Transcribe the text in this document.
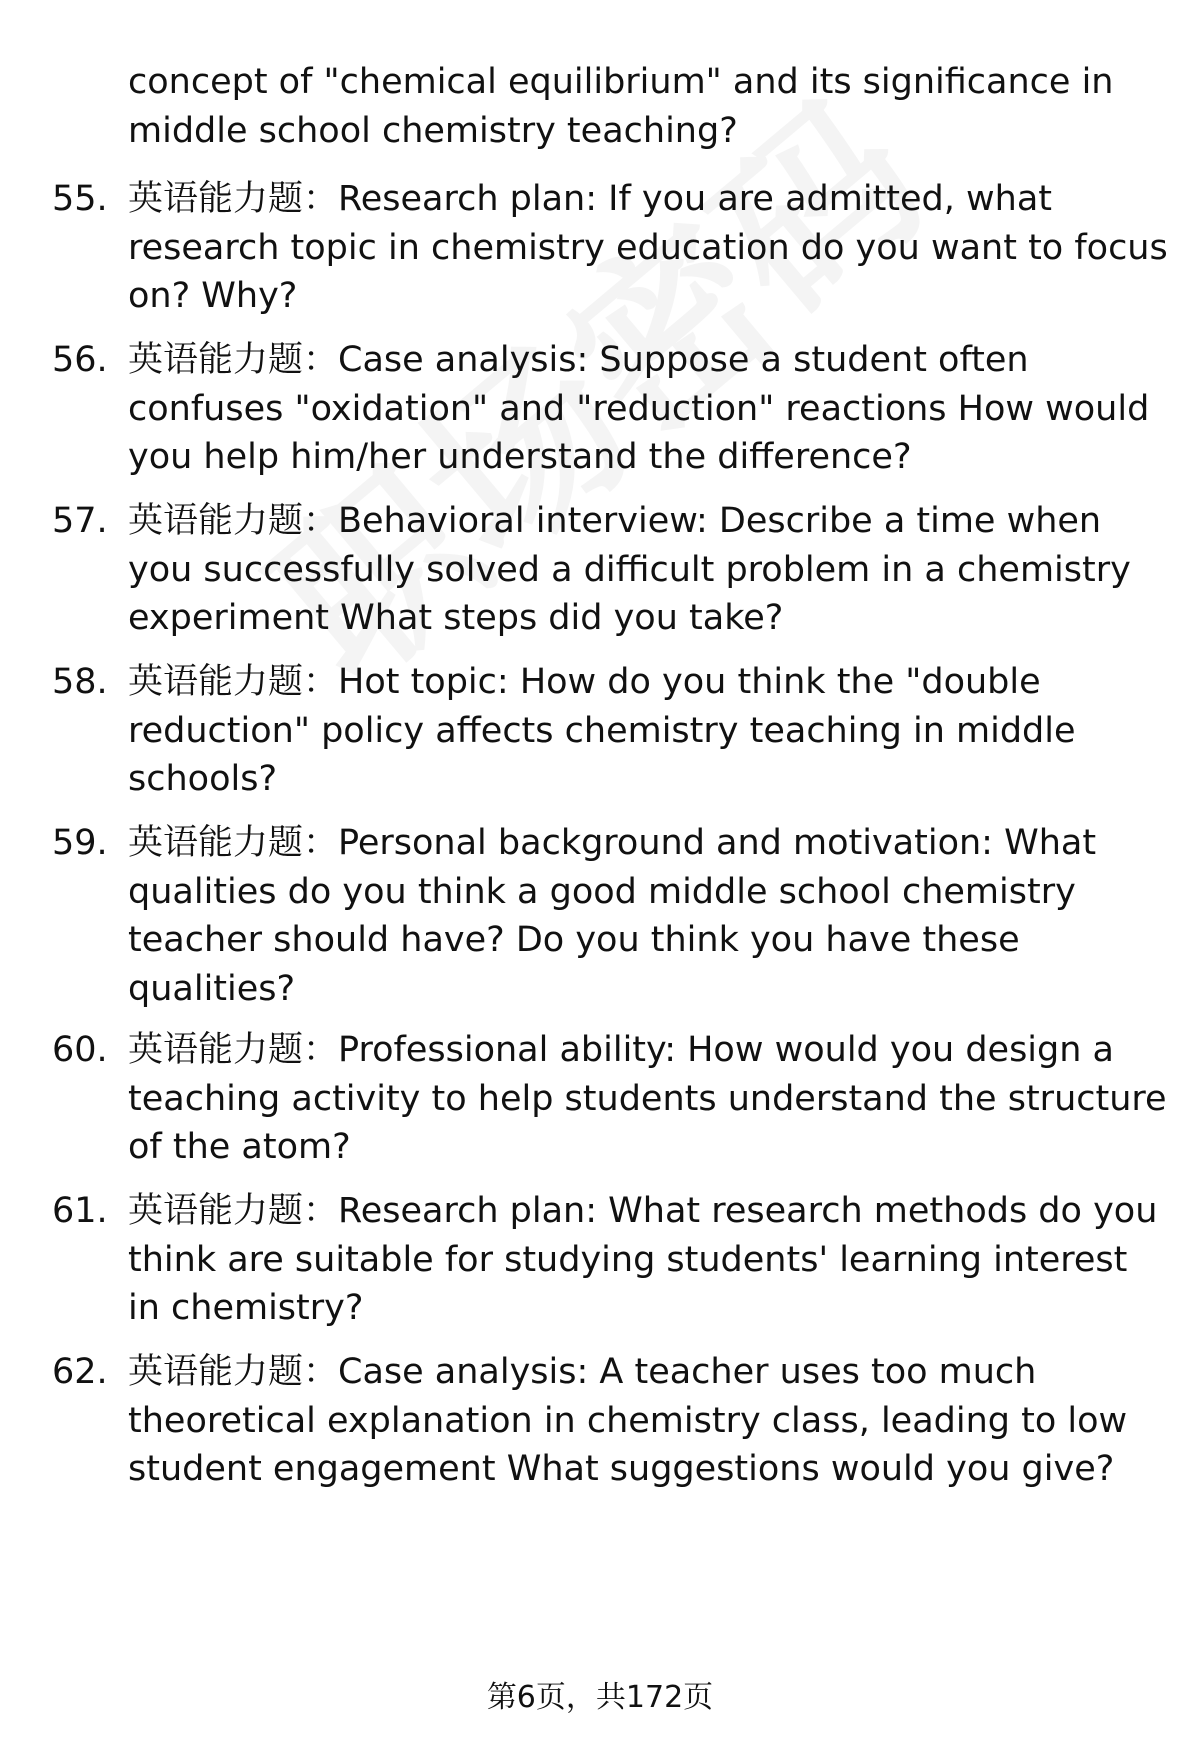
concept of "chemical equilibrium" and its significance in middle school chemistry teaching?
55. 英语能力题：Research plan: If you are admitted, what research topic in chemistry education do you want to focus on? Why?
56. 英语能力题：Case analysis: Suppose a student often confuses "oxidation" and "reduction" reactions How would you help him/her understand the difference?
57. 英语能力题：Behavioral interview: Describe a time when you successfully solved a difficult problem in a chemistry experiment What steps did you take?
58. 英语能力题：Hot topic: How do you think the "double reduction" policy affects chemistry teaching in middle schools?
59. 英语能力题：Personal background and motivation: What qualities do you think a good middle school chemistry teacher should have? Do you think you have these qualities?
60. 英语能力题：Professional ability: How would you design a teaching activity to help students understand the structure of the atom?
61. 英语能力题：Research plan: What research methods do you think are suitable for studying students' learning interest in chemistry?
62. 英语能力题：Case analysis: A teacher uses too much theoretical explanation in chemistry class, leading to low student engagement What suggestions would you give?
第6页，共172页
